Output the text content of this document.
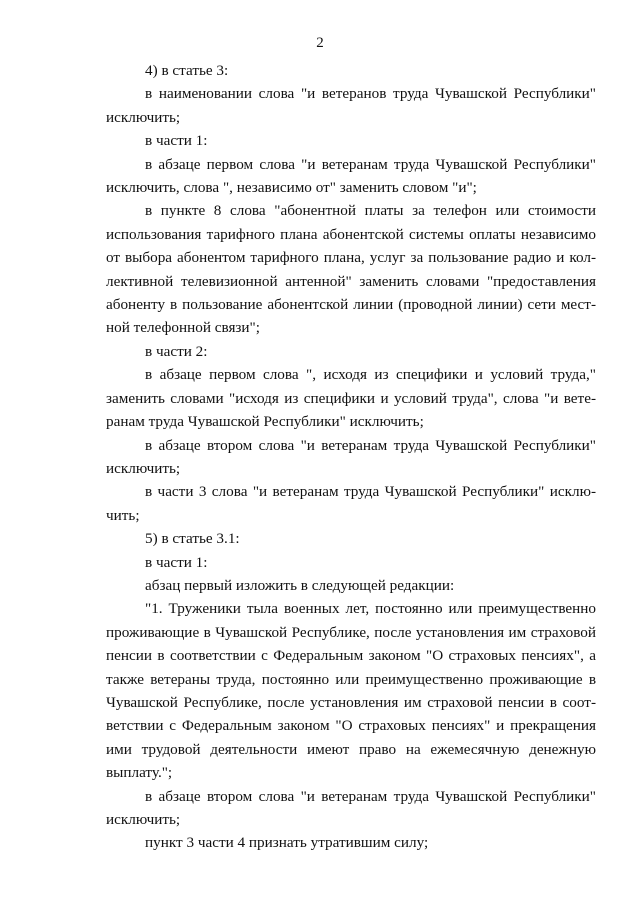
2

4) в статье 3:

в наименовании слова "и ветеранов труда Чувашской Республики" исключить;

в части 1:

в абзаце первом слова "и ветеранам труда Чувашской Республики" исключить, слова ", независимо от" заменить словом "и";

в пункте 8 слова "абонентной платы за телефон или стоимости использования тарифного плана абонентской системы оплаты независимо от выбора абонентом тарифного плана, услуг за пользование радио и коллективной телевизионной антенной" заменить словами "предоставления абоненту в пользование абонентской линии (проводной линии) сети местной телефонной связи";

в части 2:

в абзаце первом слова ", исходя из специфики и условий труда," заменить словами "исходя из специфики и условий труда", слова "и ветеранам труда Чувашской Республики" исключить;

в абзаце втором слова "и ветеранам труда Чувашской Республики" исключить;

в части 3 слова "и ветеранам труда Чувашской Республики" исключить;

5) в статье 3.1:

в части 1:

абзац первый изложить в следующей редакции:

"1. Труженики тыла военных лет, постоянно или преимущественно проживающие в Чувашской Республике, после установления им страховой пенсии в соответствии с Федеральным законом "О страховых пенсиях", а также ветераны труда, постоянно или преимущественно проживающие в Чувашской Республике, после установления им страховой пенсии в соответствии с Федеральным законом "О страховых пенсиях" и прекращения ими трудовой деятельности имеют право на ежемесячную денежную выплату.";

в абзаце втором слова "и ветеранам труда Чувашской Республики" исключить;

пункт 3 части 4 признать утратившим силу;
